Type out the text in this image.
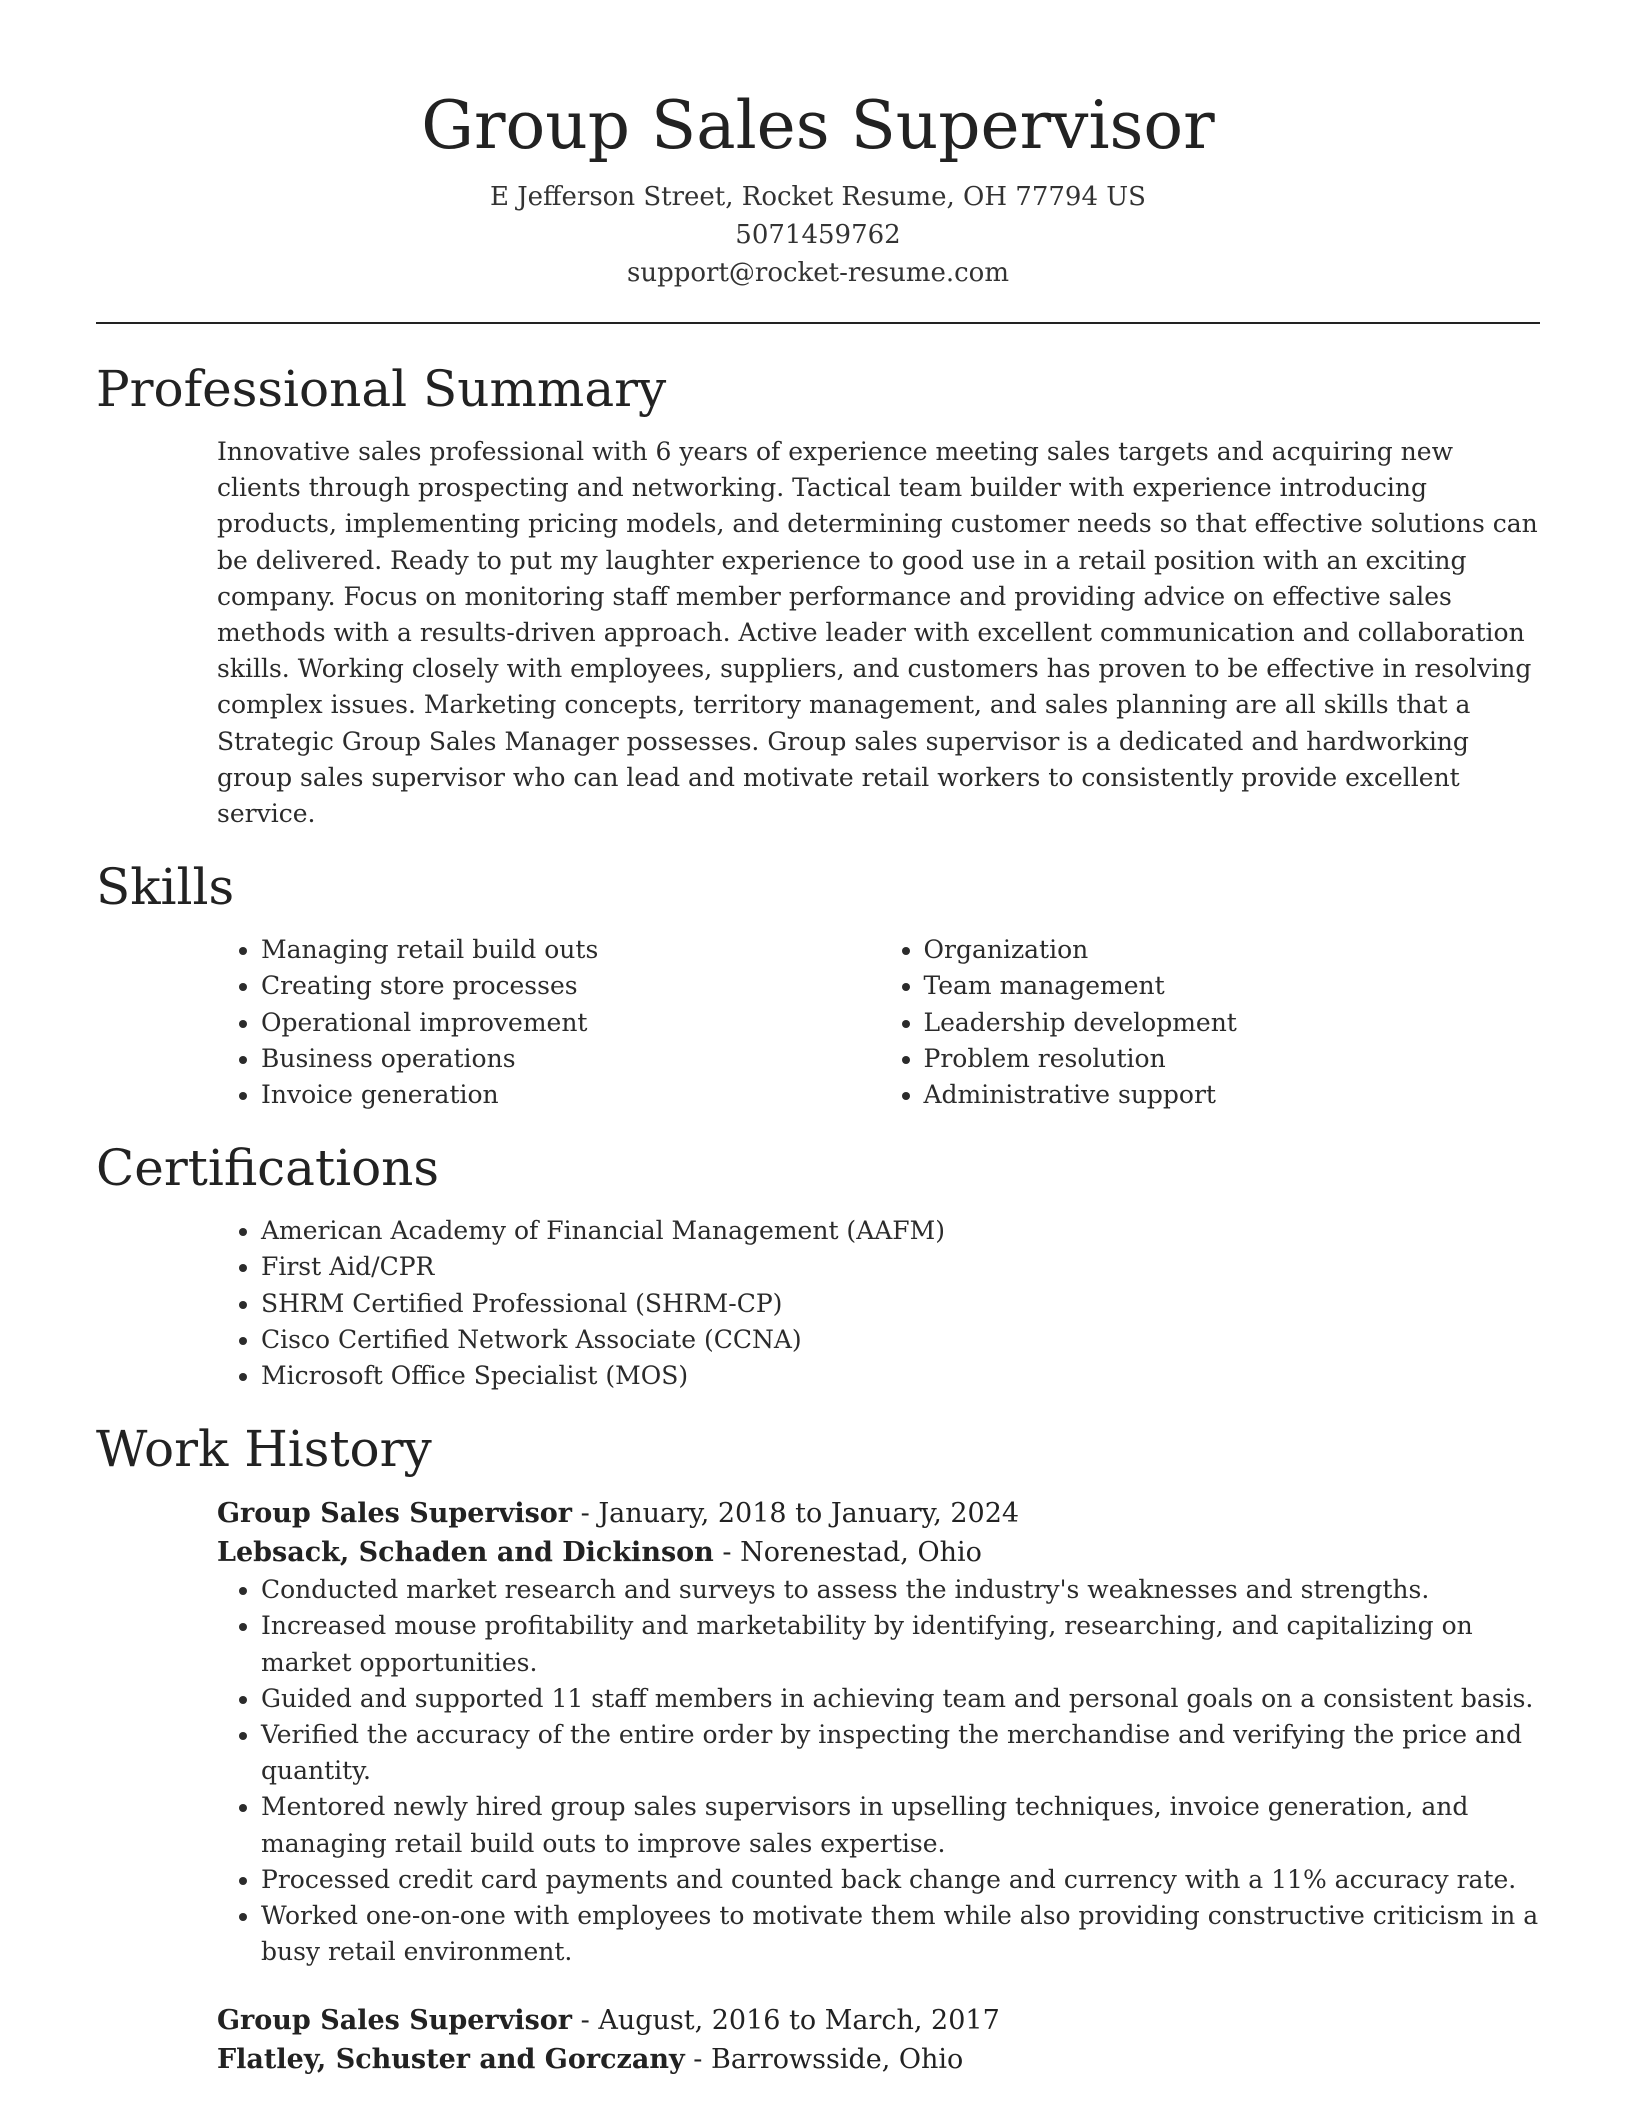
Group Sales Supervisor

E Jefferson Street, Rocket Resume, OH 77794 US

5071459762

support@rocket-resume.com

Professional Summary

Innovative sales professional with 6 years of experience meeting sales targets and acquiring new clients through prospecting and networking. Tactical team builder with experience introducing products, implementing pricing models, and determining customer needs so that effective solutions can be delivered. Ready to put my laughter experience to good use in a retail position with an exciting company. Focus on monitoring staff member performance and providing advice on effective sales methods with a results-driven approach. Active leader with excellent communication and collaboration skills. Working closely with employees, suppliers, and customers has proven to be effective in resolving complex issues. Marketing concepts, territory management, and sales planning are all skills that a Strategic Group Sales Manager possesses. Group sales supervisor is a dedicated and hardworking group sales supervisor who can lead and motivate retail workers to consistently provide excellent service.

Skills
• Managing retail build outs
• Creating store processes
• Operational improvement
• Business operations
• Invoice generation
• Organization
• Team management
• Leadership development
• Problem resolution
• Administrative support
Certifications
• American Academy of Financial Management (AAFM)
• First Aid/CPR
• SHRM Certified Professional (SHRM-CP)
• Cisco Certified Network Associate (CCNA)
• Microsoft Office Specialist (MOS)
Work History

Group Sales Supervisor - January, 2018 to January, 2024

Lebsack, Schaden and Dickinson - Norenestad, Ohio

• Conducted market research and surveys to assess the industry's weaknesses and strengths.
• Increased mouse profitability and marketability by identifying, researching, and capitalizing on market opportunities.
• Guided and supported 11 staff members in achieving team and personal goals on a consistent basis.
• Verified the accuracy of the entire order by inspecting the merchandise and verifying the price and quantity.
• Mentored newly hired group sales supervisors in upselling techniques, invoice generation, and managing retail build outs to improve sales expertise.
• Processed credit card payments and counted back change and currency with a 11% accuracy rate.
• Worked one-on-one with employees to motivate them while also providing constructive criticism in a busy retail environment.

Group Sales Supervisor - August, 2016 to March, 2017

Flatley, Schuster and Gorczany - Barrowsside, Ohio
